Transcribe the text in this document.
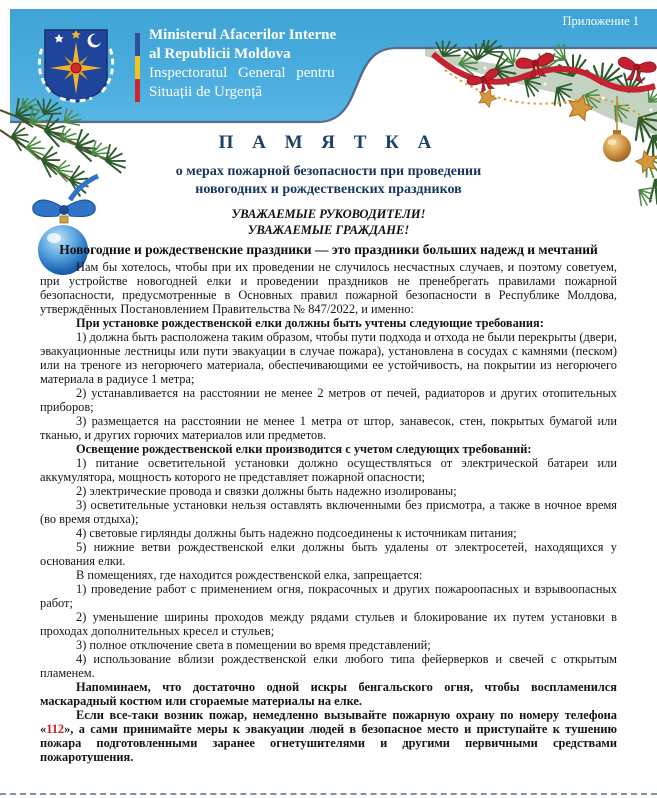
Ministerul Afacerilor Interne
al Republicii Moldova
Inspectoratul General pentru
Situații de Urgență
Приложение 1
П А М Я Т К А
о мерах пожарной безопасности при проведении
новогодних и рождественских праздников
УВАЖАЕМЫЕ РУКОВОДИТЕЛИ!
УВАЖАЕМЫЕ ГРАЖДАНЕ!
Новогодние и рождественские праздники — это праздники больших надежд и мечтаний

Нам бы хотелось, чтобы при их проведении не случилось несчастных случаев, и поэтому советуем, при устройстве новогодней елки и проведении праздников не пренебрегать правилами пожарной безопасности, предусмотренные в Основных правил пожарной безопасности в Республике Молдова, утверждённых Постановлением Правительства № 847/2022, и именно:

При установке рождественской елки должны быть учтены следующие требования:

1) должна быть расположена таким образом, чтобы пути подхода и отхода не были перекрыты (двери, эвакуационные лестницы или пути эвакуации в случае пожара), установлена в сосудах с камнями (песком) или на треноге из негорючего материала, обеспечивающими ее устойчивость, на покрытии из негорючего материала в радиусе 1 метра;

2) устанавливается на расстоянии не менее 2 метров от печей, радиаторов и других отопительных приборов;

3) размещается на расстоянии не менее 1 метра от штор, занавесок, стен, покрытых бумагой или тканью, и других горючих материалов или предметов.

Освещение рождественской елки производится с учетом следующих требований:

1) питание осветительной установки должно осуществляться от электрической батареи или аккумулятора, мощность которого не представляет пожарной опасности;

2) электрические провода и связки должны быть надежно изолированы;

3) осветительные установки нельзя оставлять включенными без присмотра, а также в ночное время (во время отдыха);

4) световые гирлянды должны быть надежно подсоединены к источникам питания;

5) нижние ветви рождественской елки должны быть удалены от электросетей, находящихся у основания елки.

В помещениях, где находится рождественской елка, запрещается:

1) проведение работ с применением огня, покрасочных и других пожароопасных и взрывоопасных работ;

2) уменьшение ширины проходов между рядами стульев и блокирование их путем установки в проходах дополнительных кресел и стульев;

3) полное отключение света в помещении во время представлений;

4) использование вблизи рождественской елки любого типа фейерверков и свечей с открытым пламенем.

Напоминаем, что достаточно одной искры бенгальского огня, чтобы воспламенился маскарадный костюм или сгораемые материалы на елке.

Если все-таки возник пожар, немедленно вызывайте пожарную охрану по номеру телефона «112», а сами принимайте меры к эвакуации людей в безопасное место и приступайте к тушению пожара подготовленными заранее огнетушителями и другими первичными средствами пожаротушения.
